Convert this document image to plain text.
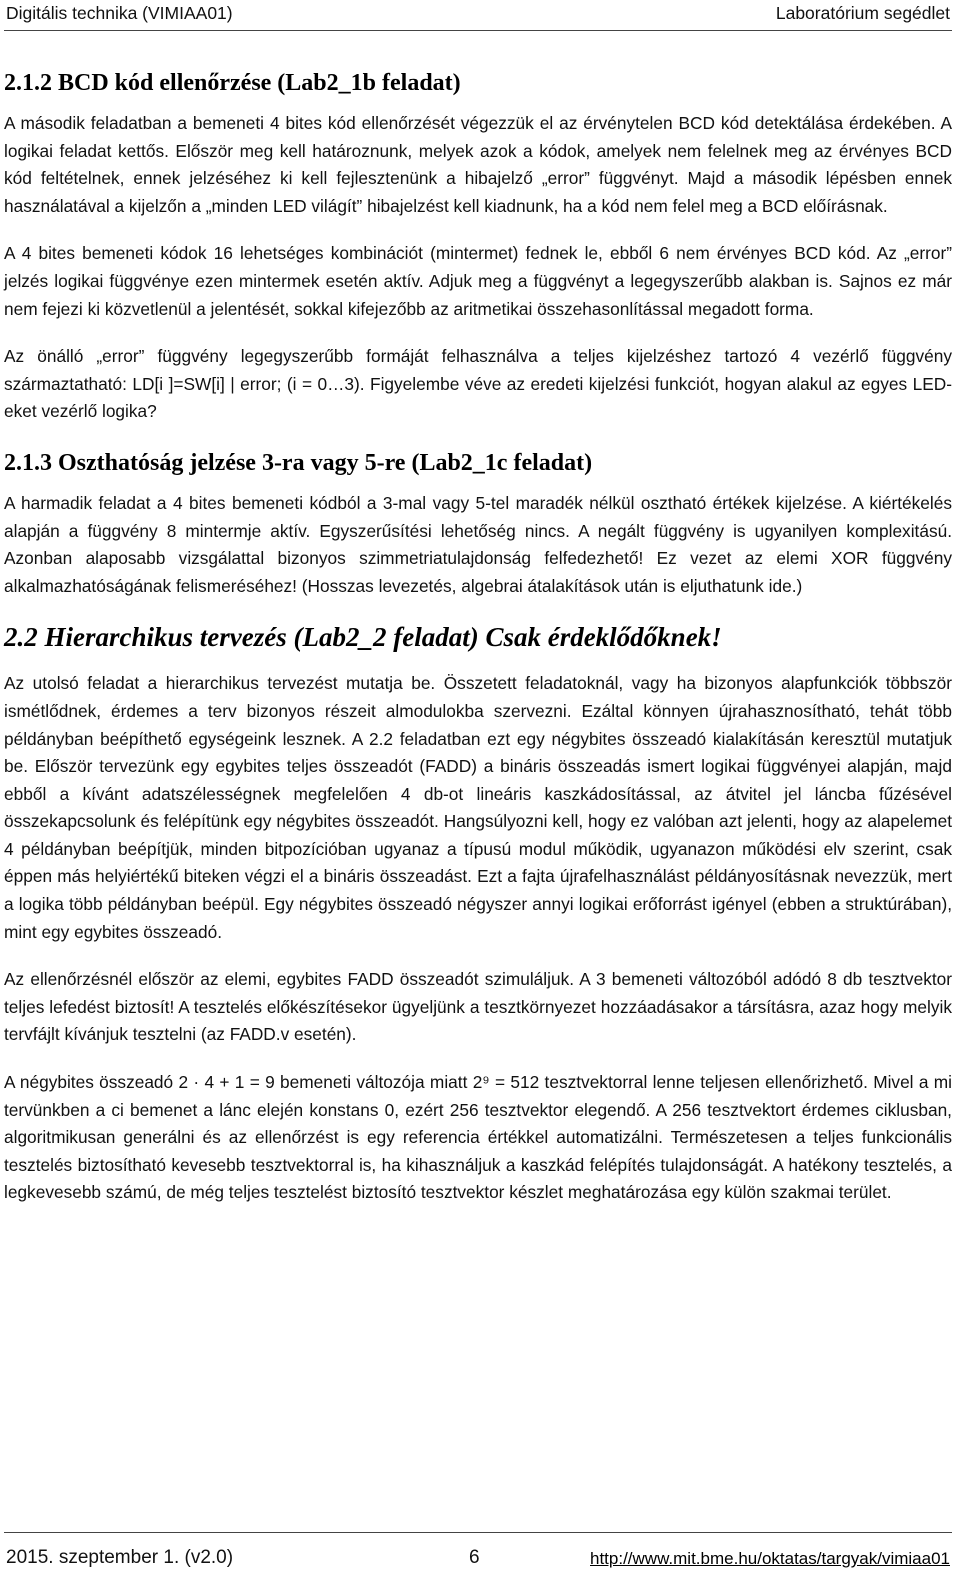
Digitális technika (VIMIAA01)	Laboratórium segédlet
2.1.2 BCD kód ellenőrzése (Lab2_1b feladat)

A második feladatban a bemeneti 4 bites kód ellenőrzését végezzük el az érvénytelen BCD kód detektálása érdekében. A logikai feladat kettős. Először meg kell határoznunk, melyek azok a kódok, amelyek nem felelnek meg az érvényes BCD kód feltételnek, ennek jelzéséhez ki kell fejlesztenünk a hibajelző „error” függvényt. Majd a második lépésben ennek használatával a kijelzőn a „minden LED világít” hibajelzést kell kiadnunk, ha a kód nem felel meg a BCD előírásnak.

A 4 bites bemeneti kódok 16 lehetséges kombinációt (mintermet) fednek le, ebből 6 nem érvényes BCD kód. Az „error” jelzés logikai függvénye ezen mintermek esetén aktív. Adjuk meg a függvényt a legegyszerűbb alakban is. Sajnos ez már nem fejezi ki közvetlenül a jelentését, sokkal kifejezőbb az aritmetikai összehasonlítással megadott forma.

Az önálló „error” függvény legegyszerűbb formáját felhasználva a teljes kijelzéshez tartozó 4 vezérlő függvény származtatható: LD[i ]=SW[i] | error; (i = 0…3). Figyelembe véve az eredeti kijelzési funkciót, hogyan alakul az egyes LED-eket vezérlő logika?

2.1.3 Oszthatóság jelzése 3-ra vagy 5-re (Lab2_1c feladat)

A harmadik feladat a 4 bites bemeneti kódból a 3-mal vagy 5-tel maradék nélkül osztható értékek kijelzése. A kiértékelés alapján a függvény 8 mintermje aktív. Egyszerűsítési lehetőség nincs. A negált függvény is ugyanilyen komplexitású. Azonban alaposabb vizsgálattal bizonyos szimmetriatulajdonság felfedezhető! Ez vezet az elemi XOR függvény alkalmazhatóságának felismeréséhez! (Hosszas levezetés, algebrai átalakítások után is eljuthatunk ide.)

2.2 Hierarchikus tervezés (Lab2_2 feladat) Csak érdeklődőknek!

Az utolsó feladat a hierarchikus tervezést mutatja be. Összetett feladatoknál, vagy ha bizonyos alapfunkciók többször ismétlődnek, érdemes a terv bizonyos részeit almodulokba szervezni. Ezáltal könnyen újrahasznosítható, tehát több példányban beépíthető egységeink lesznek. A 2.2 feladatban ezt egy négybites összeadó kialakításán keresztül mutatjuk be. Először tervezünk egy egybites teljes összeadót (FADD) a bináris összeadás ismert logikai függvényei alapján, majd ebből a kívánt adatszélességnek megfelelően 4 db-ot lineáris kaszkádosítással, az átvitel jel láncba fűzésével összekapcsolunk és felépítünk egy négybites összeadót. Hangsúlyozni kell, hogy ez valóban azt jelenti, hogy az alapelemet 4 példányban beépítjük, minden bitpozícióban ugyanaz a típusú modul működik, ugyanazon működési elv szerint, csak éppen más helyiértékű biteken végzi el a bináris összeadást. Ezt a fajta újrafelhasználást példányosításnak nevezzük, mert a logika több példányban beépül. Egy négybites összeadó négyszer annyi logikai erőforrást igényel (ebben a struktúrában), mint egy egybites összeadó.

Az ellenőrzésnél először az elemi, egybites FADD összeadót szimuláljuk. A 3 bemeneti változóból adódó 8 db tesztvektor teljes lefedést biztosít! A tesztelés előkészítésekor ügyeljünk a tesztkörnyezet hozzáadásakor a társításra, azaz hogy melyik tervfájlt kívánjuk tesztelni (az FADD.v esetén).

A négybites összeadó 2 · 4 + 1 = 9 bemeneti változója miatt 2⁹ = 512 tesztvektorral lenne teljesen ellenőrizhető. Mivel a mi tervünkben a ci bemenet a lánc elején konstans 0, ezért 256 tesztvektor elegendő. A 256 tesztvektort érdemes ciklusban, algoritmikusan generálni és az ellenőrzést is egy referencia értékkel automatizálni. Természetesen a teljes funkcionális tesztelés biztosítható kevesebb tesztvektorral is, ha kihasználjuk a kaszkád felépítés tulajdonságát. A hatékony tesztelés, a legkevesebb számú, de még teljes tesztelést biztosító tesztvektor készlet meghatározása egy külön szakmai terület.

2015. szeptember 1. (v2.0)	6	http://www.mit.bme.hu/oktatas/targyak/vimiaa01
